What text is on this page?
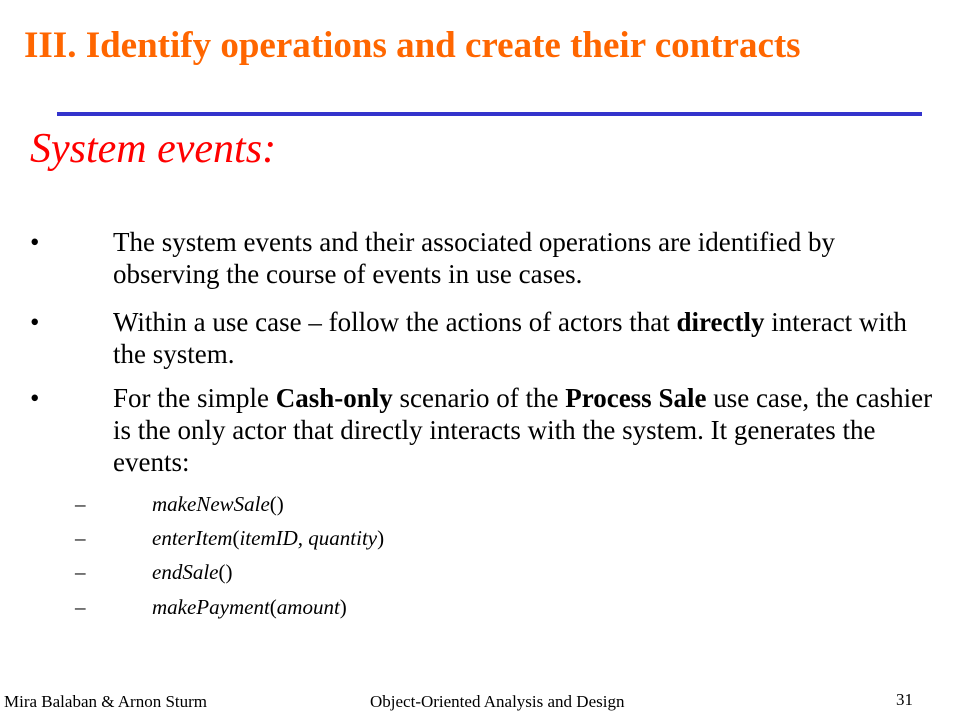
III. Identify operations and create their contracts
System events:
•	The system events and their associated operations are identified by observing the course of events in use cases.
•	Within a use case – follow the actions of actors that directly interact with the system.
•	For the simple Cash-only scenario of the Process Sale use case, the cashier is the only actor that directly interacts with the system. It generates the events:
–	makeNewSale()
–	enterItem(itemID, quantity)
–	endSale()
–	makePayment(amount)
Mira Balaban & Arnon Sturm	Object-Oriented Analysis and Design	31
